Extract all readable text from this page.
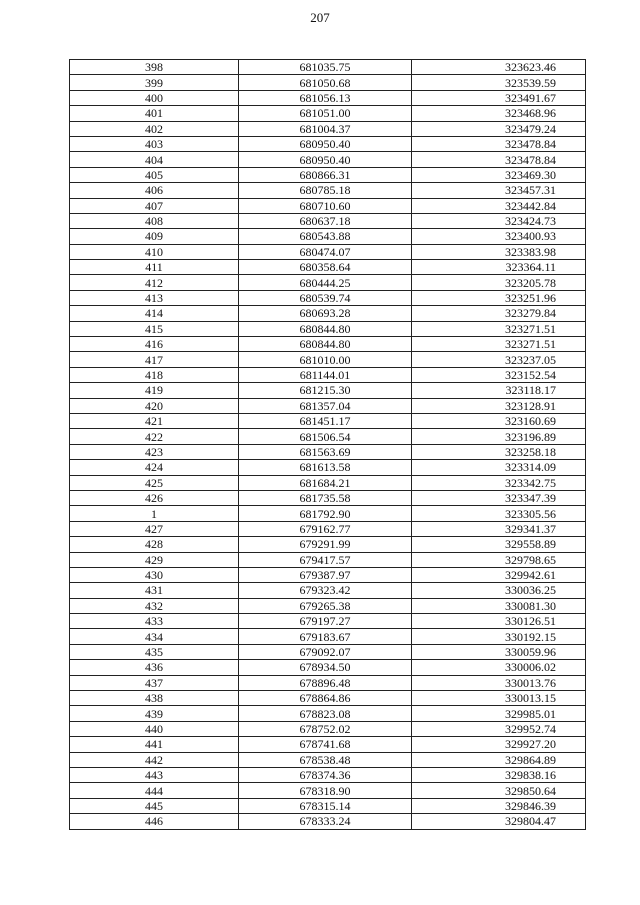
207
398	681035.75	323623.46
399	681050.68	323539.59
400	681056.13	323491.67
401	681051.00	323468.96
402	681004.37	323479.24
403	680950.40	323478.84
404	680950.40	323478.84
405	680866.31	323469.30
406	680785.18	323457.31
407	680710.60	323442.84
408	680637.18	323424.73
409	680543.88	323400.93
410	680474.07	323383.98
411	680358.64	323364.11
412	680444.25	323205.78
413	680539.74	323251.96
414	680693.28	323279.84
415	680844.80	323271.51
416	680844.80	323271.51
417	681010.00	323237.05
418	681144.01	323152.54
419	681215.30	323118.17
420	681357.04	323128.91
421	681451.17	323160.69
422	681506.54	323196.89
423	681563.69	323258.18
424	681613.58	323314.09
425	681684.21	323342.75
426	681735.58	323347.39
1	681792.90	323305.56
427	679162.77	329341.37
428	679291.99	329558.89
429	679417.57	329798.65
430	679387.97	329942.61
431	679323.42	330036.25
432	679265.38	330081.30
433	679197.27	330126.51
434	679183.67	330192.15
435	679092.07	330059.96
436	678934.50	330006.02
437	678896.48	330013.76
438	678864.86	330013.15
439	678823.08	329985.01
440	678752.02	329952.74
441	678741.68	329927.20
442	678538.48	329864.89
443	678374.36	329838.16
444	678318.90	329850.64
445	678315.14	329846.39
446	678333.24	329804.47
